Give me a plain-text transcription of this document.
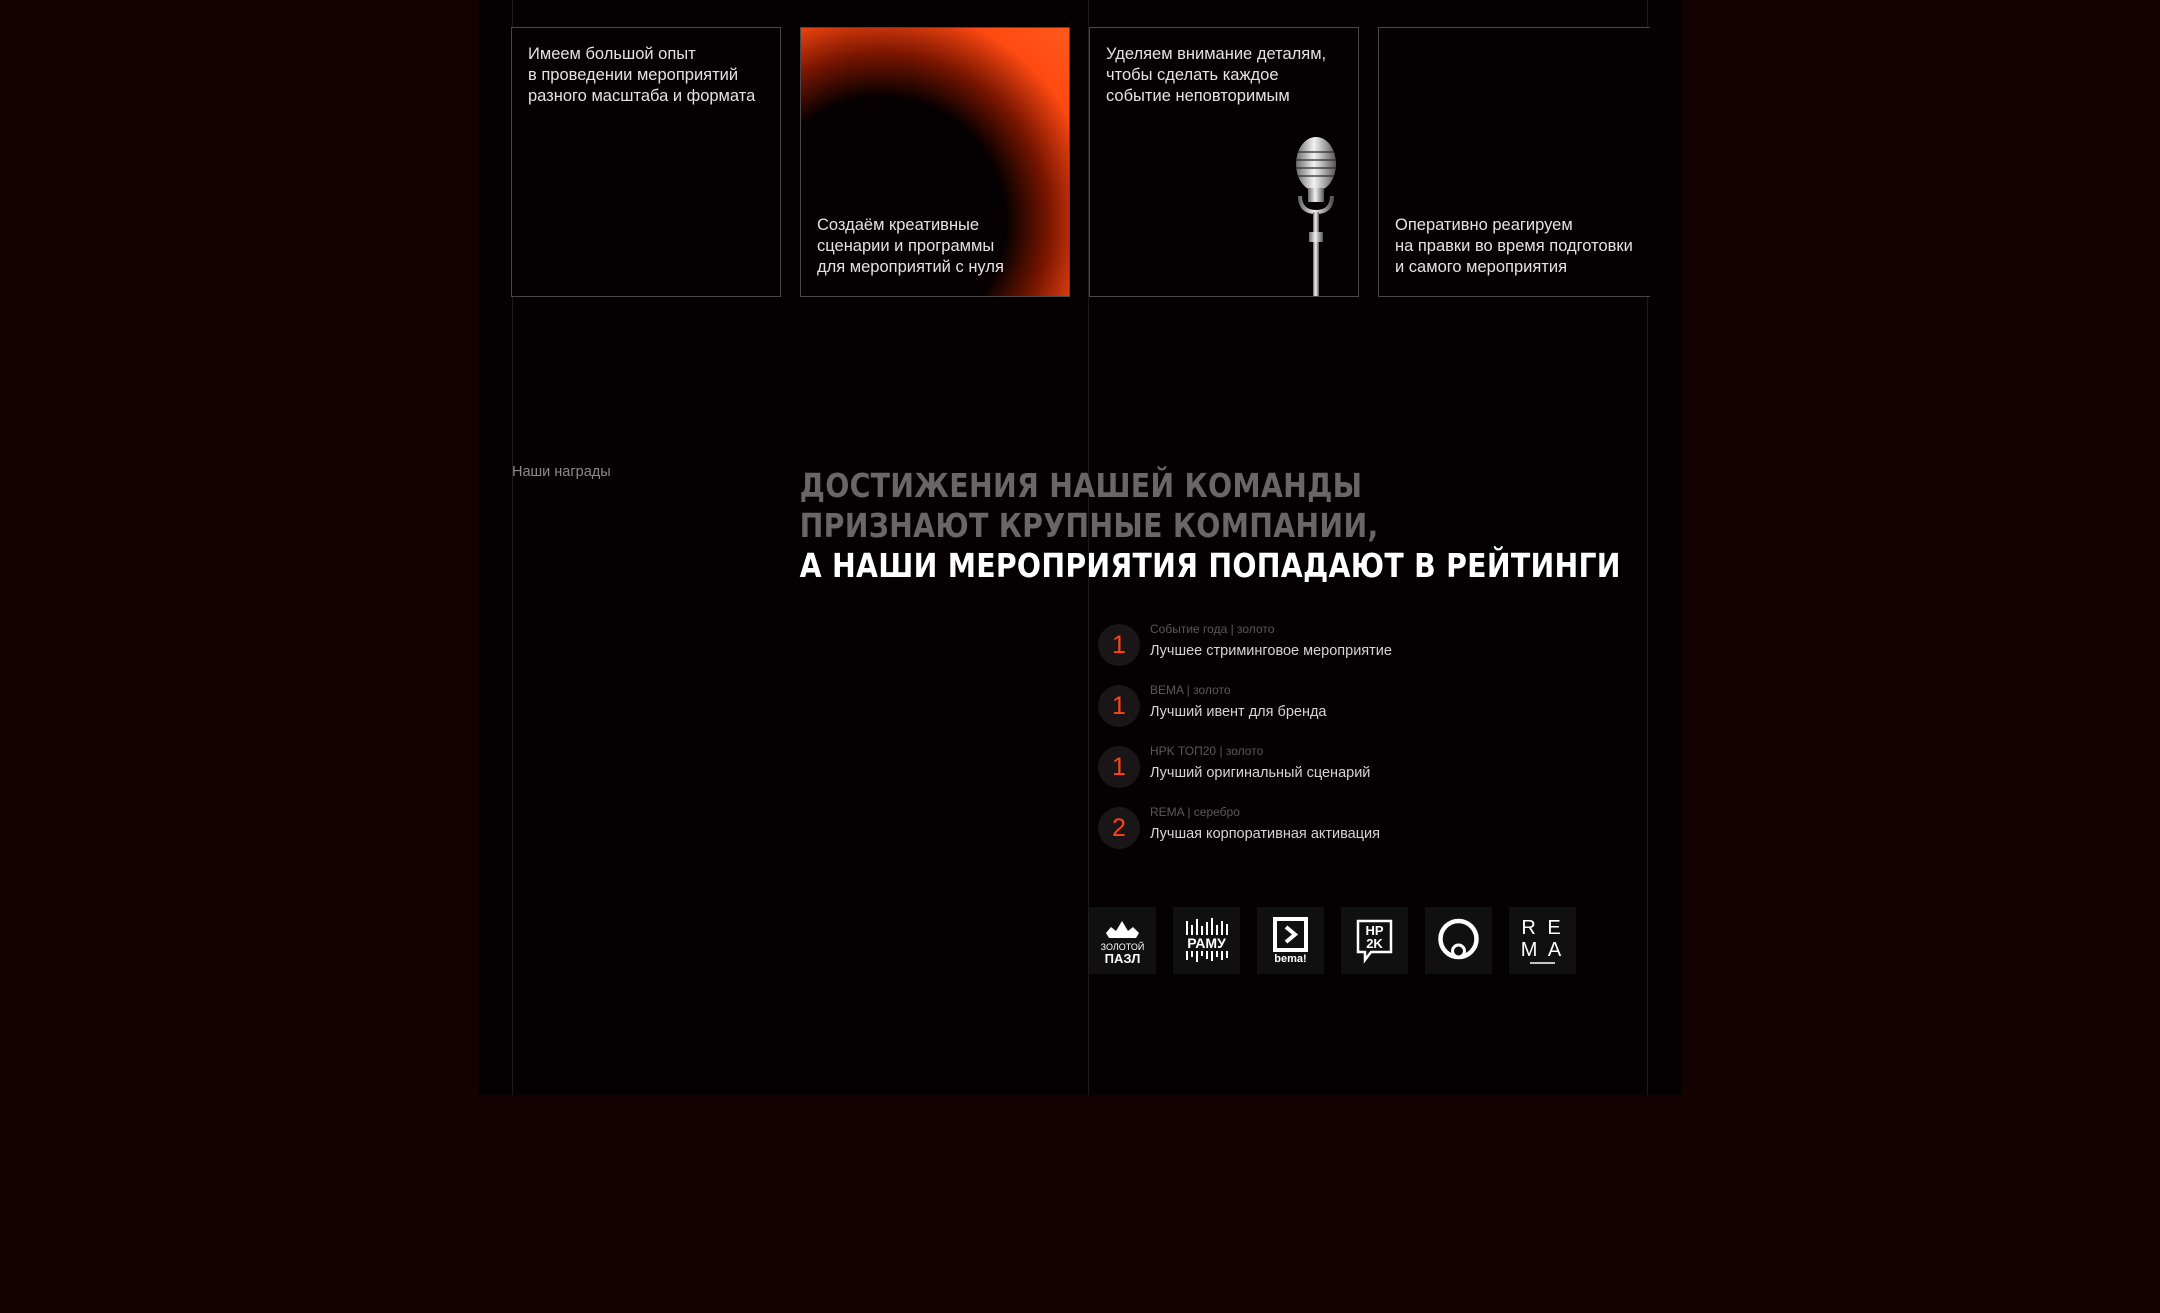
Имеем большой опыт
в проведении мероприятий
разного масштаба и формата
Создаём креативные
сценарии и программы
для мероприятий с нуля
Уделяем внимание деталям,
чтобы сделать каждое
событие неповторимым
Оперативно реагируем
на правки во время подготовки
и самого мероприятия
Наши награды	ДОСТИЖЕНИЯ НАШЕЙ КОМАНДЫ
ПРИЗНАЮТ КРУПНЫЕ КОМПАНИИ,
А НАШИ МЕРОПРИЯТИЯ ПОПАДАЮТ В РЕЙТИНГИ
1
Событие года | золото
Лучшее стриминговое мероприятие
1
BEMA | золото
Лучший ивент для бренда
1
HPK ТОП20 | золото
Лучший оригинальный сценарий
2
REMA | серебро
Лучшая корпоративная активация
ЗОЛОТОЙ
ПАЗЛ
РАМУ
bema!
HP
2K
R E
M A
